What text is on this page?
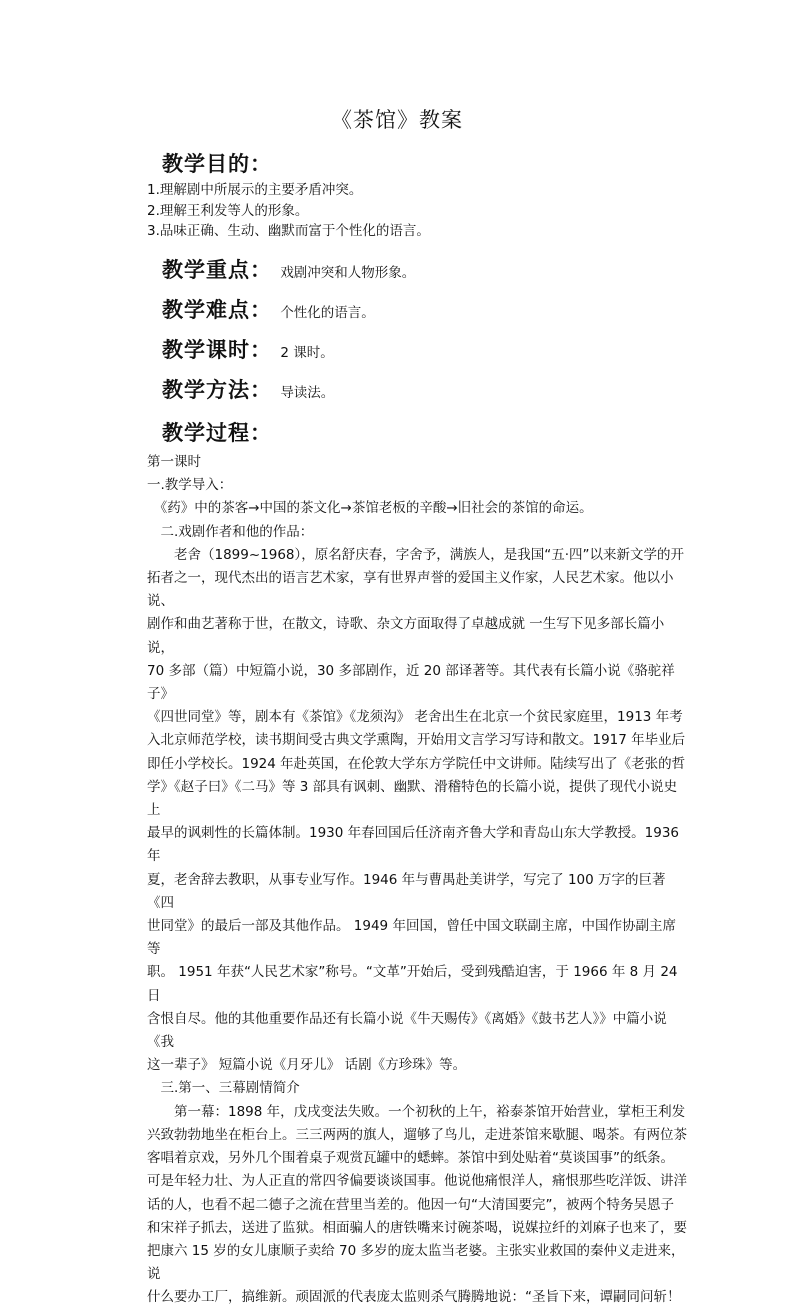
《茶馆》教案
教学目的：
1.理解剧中所展示的主要矛盾冲突。
2.理解王利发等人的形象。
3.品味正确、生动、幽默而富于个性化的语言。
教学重点： 戏剧冲突和人物形象。
教学难点： 个性化的语言。
教学课时： 2 课时。
教学方法： 导读法。
教学过程：

第一课时

一.教学导入：

　《药》中的茶客→中国的茶文化→茶馆老板的辛酸→旧社会的茶馆的命运。

　二.戏剧作者和他的作品：

　　老舍（1899~1968），原名舒庆春，字舍予，满族人，是我国“五·四”以来新文学的开

拓者之一，现代杰出的语言艺术家，享有世界声誉的爱国主义作家，人民艺术家。他以小说、

剧作和曲艺著称于世，在散文，诗歌、杂文方面取得了卓越成就 一生写下见多部长篇小说，

70 多部（篇）中短篇小说，30 多部剧作，近 20 部译著等。其代表有长篇小说《骆驼祥子》

《四世同堂》等，剧本有《茶馆》《龙须沟》 老舍出生在北京一个贫民家庭里，1913 年考

入北京师范学校，读书期间受古典文学熏陶，开始用文言学习写诗和散文。1917 年毕业后

即任小学校长。1924 年赴英国，在伦敦大学东方学院任中文讲师。陆续写出了《老张的哲

学》《赵子曰》《二马》等 3 部具有讽刺、幽默、滑稽特色的长篇小说，提供了现代小说史上

最早的讽刺性的长篇体制。1930 年春回国后任济南齐鲁大学和青岛山东大学教授。1936 年

夏，老舍辞去教职，从事专业写作。1946 年与曹禺赴美讲学，写完了 100 万字的巨著《四

世同堂》的最后一部及其他作品。 1949 年回国，曾任中国文联副主席，中国作协副主席等

职。 1951 年获“人民艺术家”称号。“文革”开始后，受到残酷迫害，于 1966 年 8 月 24 日

含恨自尽。他的其他重要作品还有长篇小说《牛天赐传》《离婚》《鼓书艺人》》中篇小说《我

这一辈子》 短篇小说《月牙儿》 话剧《方珍珠》等。

　三.第一、三幕剧情简介

　　第一幕：1898 年，戊戌变法失败。一个初秋的上午，裕泰茶馆开始营业，掌柜王利发

兴致勃勃地坐在柜台上。三三两两的旗人，遛够了鸟儿，走进茶馆来歇腿、喝茶。有两位茶

客唱着京戏，另外几个围着桌子观赏瓦罐中的蟋蟀。茶馆中到处贴着“莫谈国事”的纸条。

可是年轻力壮、为人正直的常四爷偏要谈谈国事。他说他痛恨洋人，痛恨那些吃洋饭、讲洋

话的人，也看不起二德子之流在营里当差的。他因一句“大清国要完”，被两个特务吴恩子

和宋祥子抓去，送进了监狱。相面骗人的唐铁嘴来讨碗茶喝，说媒拉纤的刘麻子也来了，要

把康六 15 岁的女儿康顺子卖给 70 多岁的庞太监当老婆。主张实业救国的秦仲义走进来，说

什么要办工厂，搞维新。顽固派的代表庞太监则杀气腾腾地说：“圣旨下来，谭嗣同问斩！
